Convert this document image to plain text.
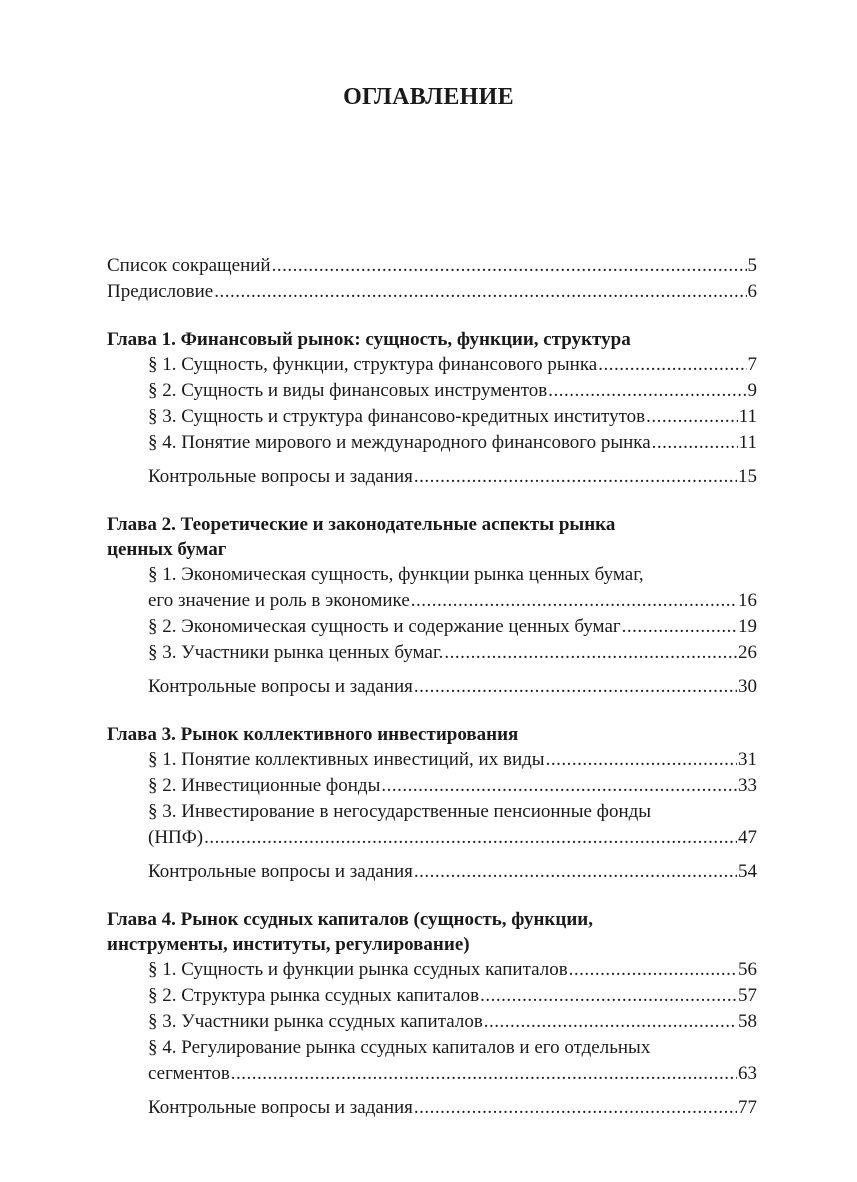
ОГЛАВЛЕНИЕ
Список сокращений .....	5
Предисловие .....	6
Глава 1. Финансовый рынок: сущность, функции, структура
§ 1. Сущность, функции, структура финансового рынка .....	7
§ 2. Сущность и виды финансовых инструментов .....	9
§ 3. Сущность и структура финансово-кредитных институтов .....	11
§ 4. Понятие мирового и международного финансового рынка .....	11
Контрольные вопросы и задания .....	15
Глава 2. Теоретические и законодательные аспекты рынка
ценных бумаг
§ 1. Экономическая сущность, функции рынка ценных бумаг,
его значение и роль в экономике .....	16
§ 2. Экономическая сущность и содержание ценных бумаг .....	19
§ 3. Участники рынка ценных бумаг. .....	26
Контрольные вопросы и задания .....	30
Глава 3. Рынок коллективного инвестирования
§ 1. Понятие коллективных инвестиций, их виды .....	31
§ 2. Инвестиционные фонды .....	33
§ 3. Инвестирование в негосударственные пенсионные фонды
(НПФ) .....	47
Контрольные вопросы и задания .....	54
Глава 4. Рынок ссудных капиталов (сущность, функции,
инструменты, институты, регулирование)
§ 1. Сущность и функции рынка ссудных капиталов .....	56
§ 2. Структура рынка ссудных капиталов .....	57
§ 3. Участники рынка ссудных капиталов .....	58
§ 4. Регулирование рынка ссудных капиталов и его отдельных
сегментов .....	63
Контрольные вопросы и задания .....	77
